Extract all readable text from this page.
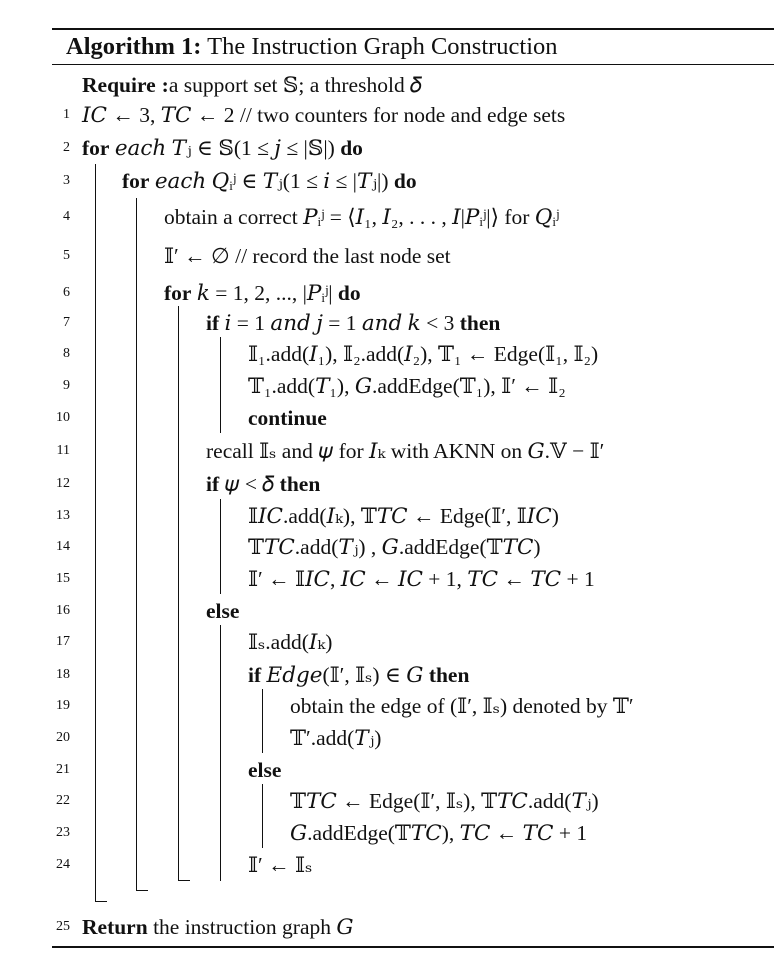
Algorithm 1: The Instruction Graph Construction
Require :a support set 𝕊; a threshold 𝛿
1 𝐼𝐶 ← 3, 𝑇𝐶 ← 2 // two counters for node and edge sets
2 for 𝑒𝑎𝑐ℎ 𝑇ⱼ ∈ 𝕊(1 ≤ 𝑗 ≤ |𝕊|) do
3 for 𝑒𝑎𝑐ℎ 𝑄ᵢʲ ∈ 𝑇ⱼ(1 ≤ 𝑖 ≤ |𝑇ⱼ|) do
4	obtain a correct 𝑃ᵢʲ = ⟨𝐼₁, 𝐼₂, . . . , 𝐼|𝑃ᵢʲ|⟩ for 𝑄ᵢʲ
5	𝕀′ ← ∅ // record the last node set
6	for 𝑘 = 1, 2, ..., |𝑃ᵢʲ| do
7	if 𝑖 = 1 𝑎𝑛𝑑 𝑗 = 1 𝑎𝑛𝑑 𝑘 < 3 then
8	𝕀₁.add(𝐼₁), 𝕀₂.add(𝐼₂), 𝕋₁ ← Edge(𝕀₁, 𝕀₂)
9	𝕋₁.add(𝑇₁), 𝐺.addEdge(𝕋₁), 𝕀′ ← 𝕀₂
10	continue
11	recall 𝕀ₛ and 𝜓 for 𝐼ₖ with AKNN on 𝐺.𝕍 − 𝕀′
12	if 𝜓 < 𝛿 then
13	𝕀𝐼𝐶.add(𝐼ₖ), 𝕋𝑇𝐶 ← Edge(𝕀′, 𝕀𝐼𝐶)
14	𝕋𝑇𝐶.add(𝑇ⱼ) , 𝐺.addEdge(𝕋𝑇𝐶)
15	𝕀′ ← 𝕀𝐼𝐶, 𝐼𝐶 ← 𝐼𝐶 + 1, 𝑇𝐶 ← 𝑇𝐶 + 1
16	else
17	𝕀ₛ.add(𝐼ₖ)
18	if 𝐸𝑑𝑔𝑒(𝕀′, 𝕀ₛ) ∈ 𝐺 then
19	obtain the edge of (𝕀′, 𝕀ₛ) denoted by 𝕋′
20	𝕋′.add(𝑇ⱼ)
21	else
22	𝕋𝑇𝐶 ← Edge(𝕀′, 𝕀ₛ), 𝕋𝑇𝐶.add(𝑇ⱼ)
23	𝐺.addEdge(𝕋𝑇𝐶), 𝑇𝐶 ← 𝑇𝐶 + 1
24	𝕀′ ← 𝕀ₛ
25 Return the instruction graph 𝐺
